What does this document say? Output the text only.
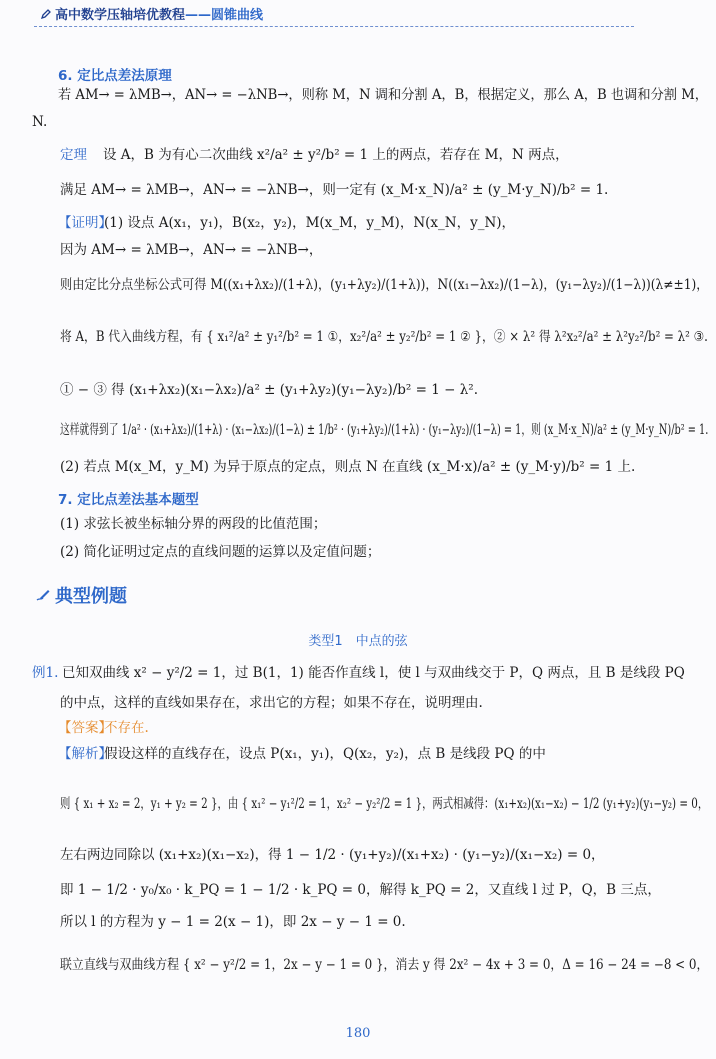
高中数学压轴培优教程 ——圆锥曲线
6. 定比点差法原理
若 AM→ = λMB→，AN→ = −λNB→，则称 M，N 调和分割 A，B，根据定义，那么 A，B 也调和分割 M，
N.
定理 设 A，B 为有心二次曲线 x²/a² ± y²/b² = 1 上的两点，若存在 M，N 两点，
满足 AM→ = λMB→，AN→ = −λNB→，则一定有 (x_M·x_N)/a² ± (y_M·y_N)/b² = 1.
【证明】
(1) 设点 A(x₁，y₁)，B(x₂，y₂)，M(x_M，y_M)，N(x_N，y_N)，
因为 AM→ = λMB→，AN→ = −λNB→，
则由定比分点坐标公式可得 M((x₁+λx₂)/(1+λ)，(y₁+λy₂)/(1+λ))，N((x₁−λx₂)/(1−λ)，(y₁−λy₂)/(1−λ))(λ≠±1)，
将 A，B 代入曲线方程，有 { x₁²/a² ± y₁²/b² = 1 ①，x₂²/a² ± y₂²/b² = 1 ② }，② × λ² 得 λ²x₂²/a² ± λ²y₂²/b² = λ² ③.
① − ③ 得 (x₁+λx₂)(x₁−λx₂)/a² ± (y₁+λy₂)(y₁−λy₂)/b² = 1 − λ².
这样就得到了 1/a² · (x₁+λx₂)/(1+λ) · (x₁−λx₂)/(1−λ) ± 1/b² · (y₁+λy₂)/(1+λ) · (y₁−λy₂)/(1−λ) = 1，则 (x_M·x_N)/a² ± (y_M·y_N)/b² = 1.
(2) 若点 M(x_M，y_M) 为异于原点的定点，则点 N 在直线 (x_M·x)/a² ± (y_M·y)/b² = 1 上.
7. 定比点差法基本题型
(1) 求弦长被坐标轴分界的两段的比值范围；
(2) 简化证明过定点的直线问题的运算以及定值问题；
典型例题
类型1　中点的弦
例1. 已知双曲线 x² − y²/2 = 1，过 B(1，1) 能否作直线 l，使 l 与双曲线交于 P，Q 两点，且 B 是线段 PQ
的中点，这样的直线如果存在，求出它的方程；如果不存在，说明理由.
【答案】
不存在.
【解析】
假设这样的直线存在，设点 P(x₁，y₁)，Q(x₂，y₂)，点 B 是线段 PQ 的中
则 { x₁ + x₂ = 2，y₁ + y₂ = 2 }，由 { x₁² − y₁²/2 = 1，x₂² − y₂²/2 = 1 }，两式相减得：(x₁+x₂)(x₁−x₂) − 1/2 (y₁+y₂)(y₁−y₂) = 0，
左右两边同除以 (x₁+x₂)(x₁−x₂)，得 1 − 1/2 · (y₁+y₂)/(x₁+x₂) · (y₁−y₂)/(x₁−x₂) = 0，
即 1 − 1/2 · y₀/x₀ · k_PQ = 1 − 1/2 · k_PQ = 0，解得 k_PQ = 2，又直线 l 过 P，Q，B 三点，
所以 l 的方程为 y − 1 = 2(x − 1)，即 2x − y − 1 = 0.
联立直线与双曲线方程 { x² − y²/2 = 1，2x − y − 1 = 0 }，消去 y 得 2x² − 4x + 3 = 0，Δ = 16 − 24 = −8 < 0，
180
